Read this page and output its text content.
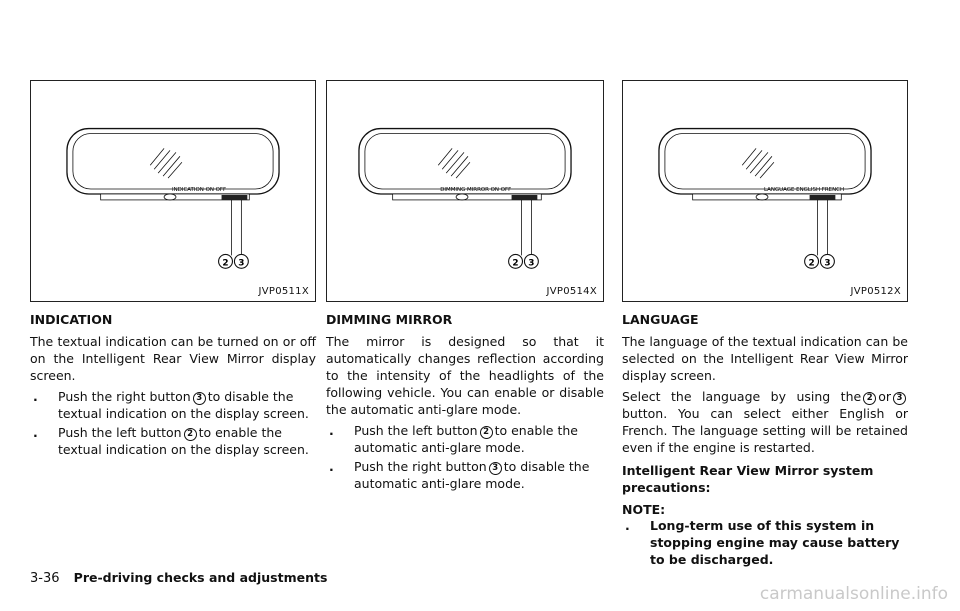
INDICATION ON OFF
2 3
JVP0511X
INDICATION
The textual indication can be turned on or off on the Intelligent Rear View Mirror display screen.
. Push the right button 3 to disable the textual indication on the display screen.
. Push the left button 2 to enable the textual indication on the display screen.
DIMMING MIRROR ON OFF
2 3
JVP0514X
DIMMING MIRROR
The mirror is designed so that it automatically changes reflection according to the intensity of the headlights of the following vehicle. You can enable or disable the automatic anti-glare mode.
. Push the left button 2 to enable the automatic anti-glare mode.
. Push the right button 3 to disable the automatic anti-glare mode.
LANGUAGE ENGLISH FRENCH
2 3
JVP0512X
LANGUAGE
The language of the textual indication can be selected on the Intelligent Rear View Mirror display screen.
Select the language by using the 2 or 3button. You can select either English or French. The language setting will be retained even if the engine is restarted.
Intelligent Rear View Mirror system precautions:
NOTE:
. Long-term use of this system in stopping engine may cause battery to be discharged.
3-36 Pre-driving checks and adjustments
carmanualsonline.info
